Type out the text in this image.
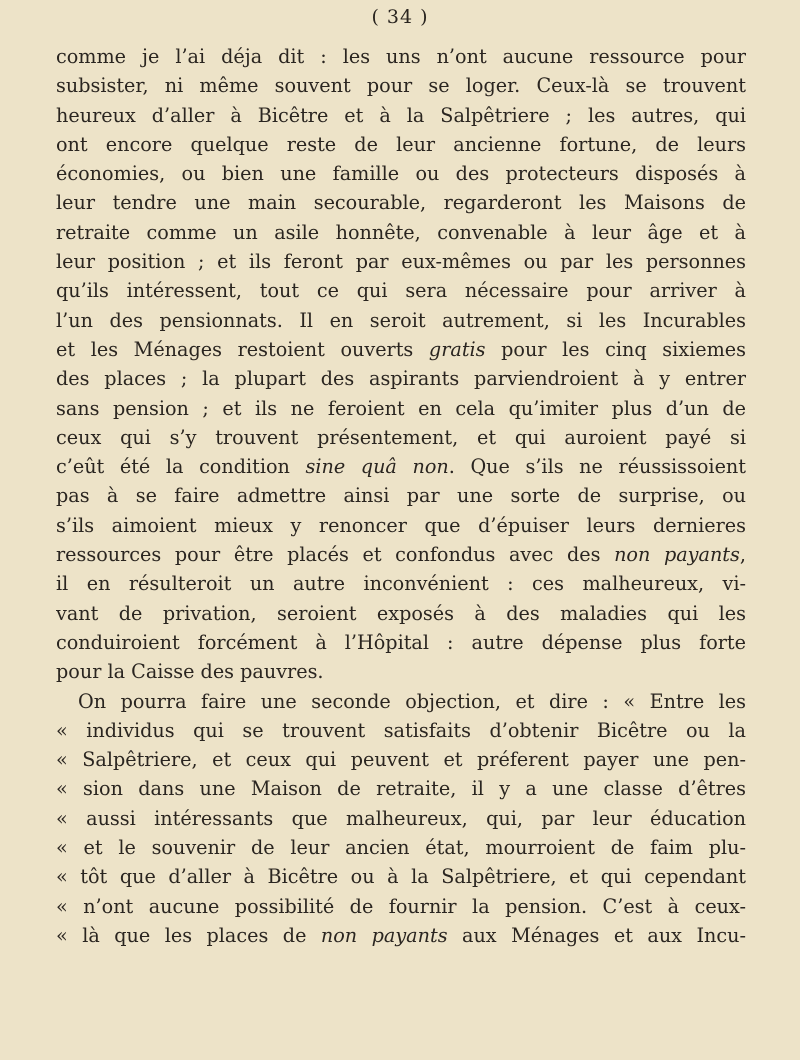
( 34 )
comme je l’ai déja dit : les uns n’ont aucune ressource pour
subsister, ni même souvent pour se loger. Ceux-là se trouvent
heureux d’aller à Bicêtre et à la Salpêtriere ; les autres, qui
ont encore quelque reste de leur ancienne fortune, de leurs
économies, ou bien une famille ou des protecteurs disposés à
leur tendre une main secourable, regarderont les Maisons de
retraite comme un asile honnête, convenable à leur âge et à
leur position ; et ils feront par eux-mêmes ou par les personnes
qu’ils intéressent, tout ce qui sera nécessaire pour arriver à
l’un des pensionnats. Il en seroit autrement, si les Incurables
et les Ménages restoient ouverts gratis pour les cinq sixiemes
des places ; la plupart des aspirants parviendroient à y entrer
sans pension ; et ils ne feroient en cela qu’imiter plus d’un de
ceux qui s’y trouvent présentement, et qui auroient payé si
c’eût été la condition sine quâ non. Que s’ils ne réussissoient
pas à se faire admettre ainsi par une sorte de surprise, ou
s’ils aimoient mieux y renoncer que d’épuiser leurs dernieres
ressources pour être placés et confondus avec des non payants,
il en résulteroit un autre inconvénient : ces malheureux, vi-
vant de privation, seroient exposés à des maladies qui les
conduiroient forcément à l’Hôpital : autre dépense plus forte
pour la Caisse des pauvres.
On pourra faire une seconde objection, et dire : « Entre les
« individus qui se trouvent satisfaits d’obtenir Bicêtre ou la
« Salpêtriere, et ceux qui peuvent et préferent payer une pen-
« sion dans une Maison de retraite, il y a une classe d’êtres
« aussi intéressants que malheureux, qui, par leur éducation
« et le souvenir de leur ancien état, mourroient de faim plu-
« tôt que d’aller à Bicêtre ou à la Salpêtriere, et qui cependant
« n’ont aucune possibilité de fournir la pension. C’est à ceux-
« là que les places de non payants aux Ménages et aux Incu-
